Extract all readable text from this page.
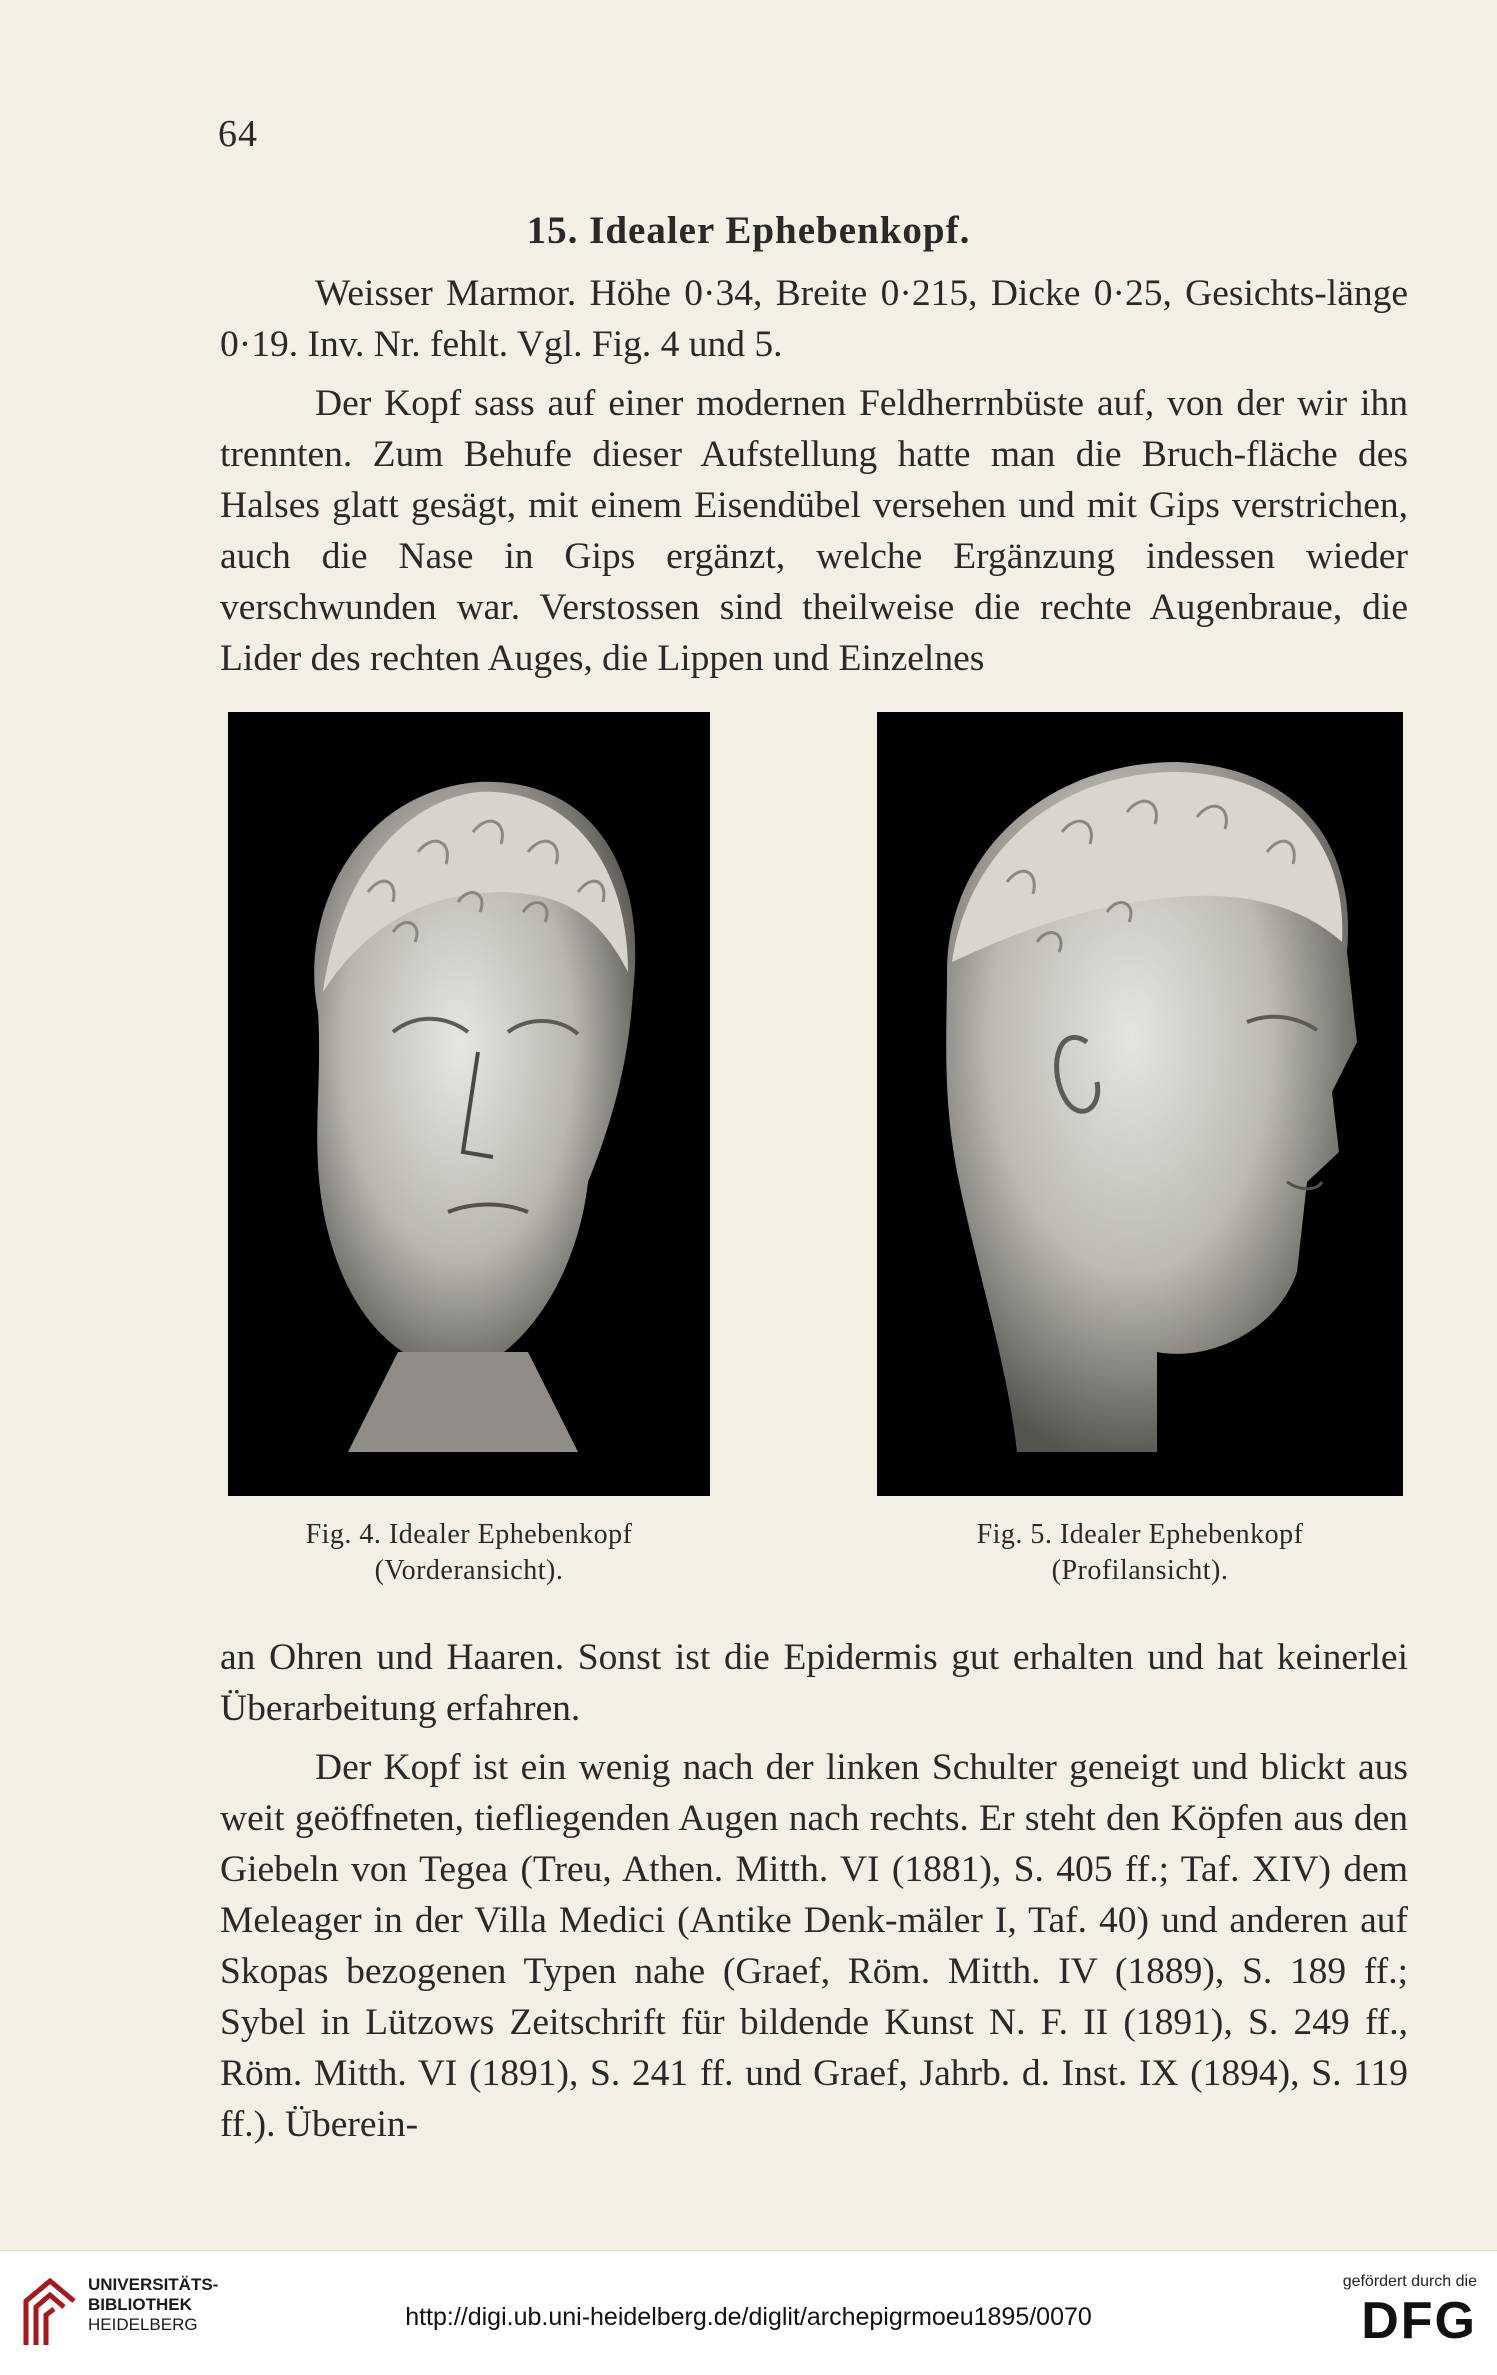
64
15. Idealer Ephebenkopf.

Weisser Marmor. Höhe 0·34, Breite 0·215, Dicke 0·25, Gesichts-länge 0·19. Inv. Nr. fehlt. Vgl. Fig. 4 und 5.

Der Kopf sass auf einer modernen Feldherrnbüste auf, von der wir ihn trennten. Zum Behufe dieser Aufstellung hatte man die Bruch-fläche des Halses glatt gesägt, mit einem Eisendübel versehen und mit Gips verstrichen, auch die Nase in Gips ergänzt, welche Ergänzung indessen wieder verschwunden war. Verstossen sind theilweise die rechte Augenbraue, die Lider des rechten Auges, die Lippen und Einzelnes

Fig. 4. Idealer Ephebenkopf
(Vorderansicht).
Fig. 5. Idealer Ephebenkopf
(Profilansicht).

an Ohren und Haaren. Sonst ist die Epidermis gut erhalten und hat keinerlei Überarbeitung erfahren.

Der Kopf ist ein wenig nach der linken Schulter geneigt und blickt aus weit geöffneten, tiefliegenden Augen nach rechts. Er steht den Köpfen aus den Giebeln von Tegea (Treu, Athen. Mitth. VI (1881), S. 405 ff.; Taf. XIV) dem Meleager in der Villa Medici (Antike Denk-mäler I, Taf. 40) und anderen auf Skopas bezogenen Typen nahe (Graef, Röm. Mitth. IV (1889), S. 189 ff.; Sybel in Lützows Zeitschrift für bildende Kunst N. F. II (1891), S. 249 ff., Röm. Mitth. VI (1891), S. 241 ff. und Graef, Jahrb. d. Inst. IX (1894), S. 119 ff.). Überein-

UNIVERSITÄTS-
BIBLIOTHEK
HEIDELBERG	http://digi.ub.uni-heidelberg.de/diglit/archepigrmoeu1895/0070
gefördert durch die
DFG
